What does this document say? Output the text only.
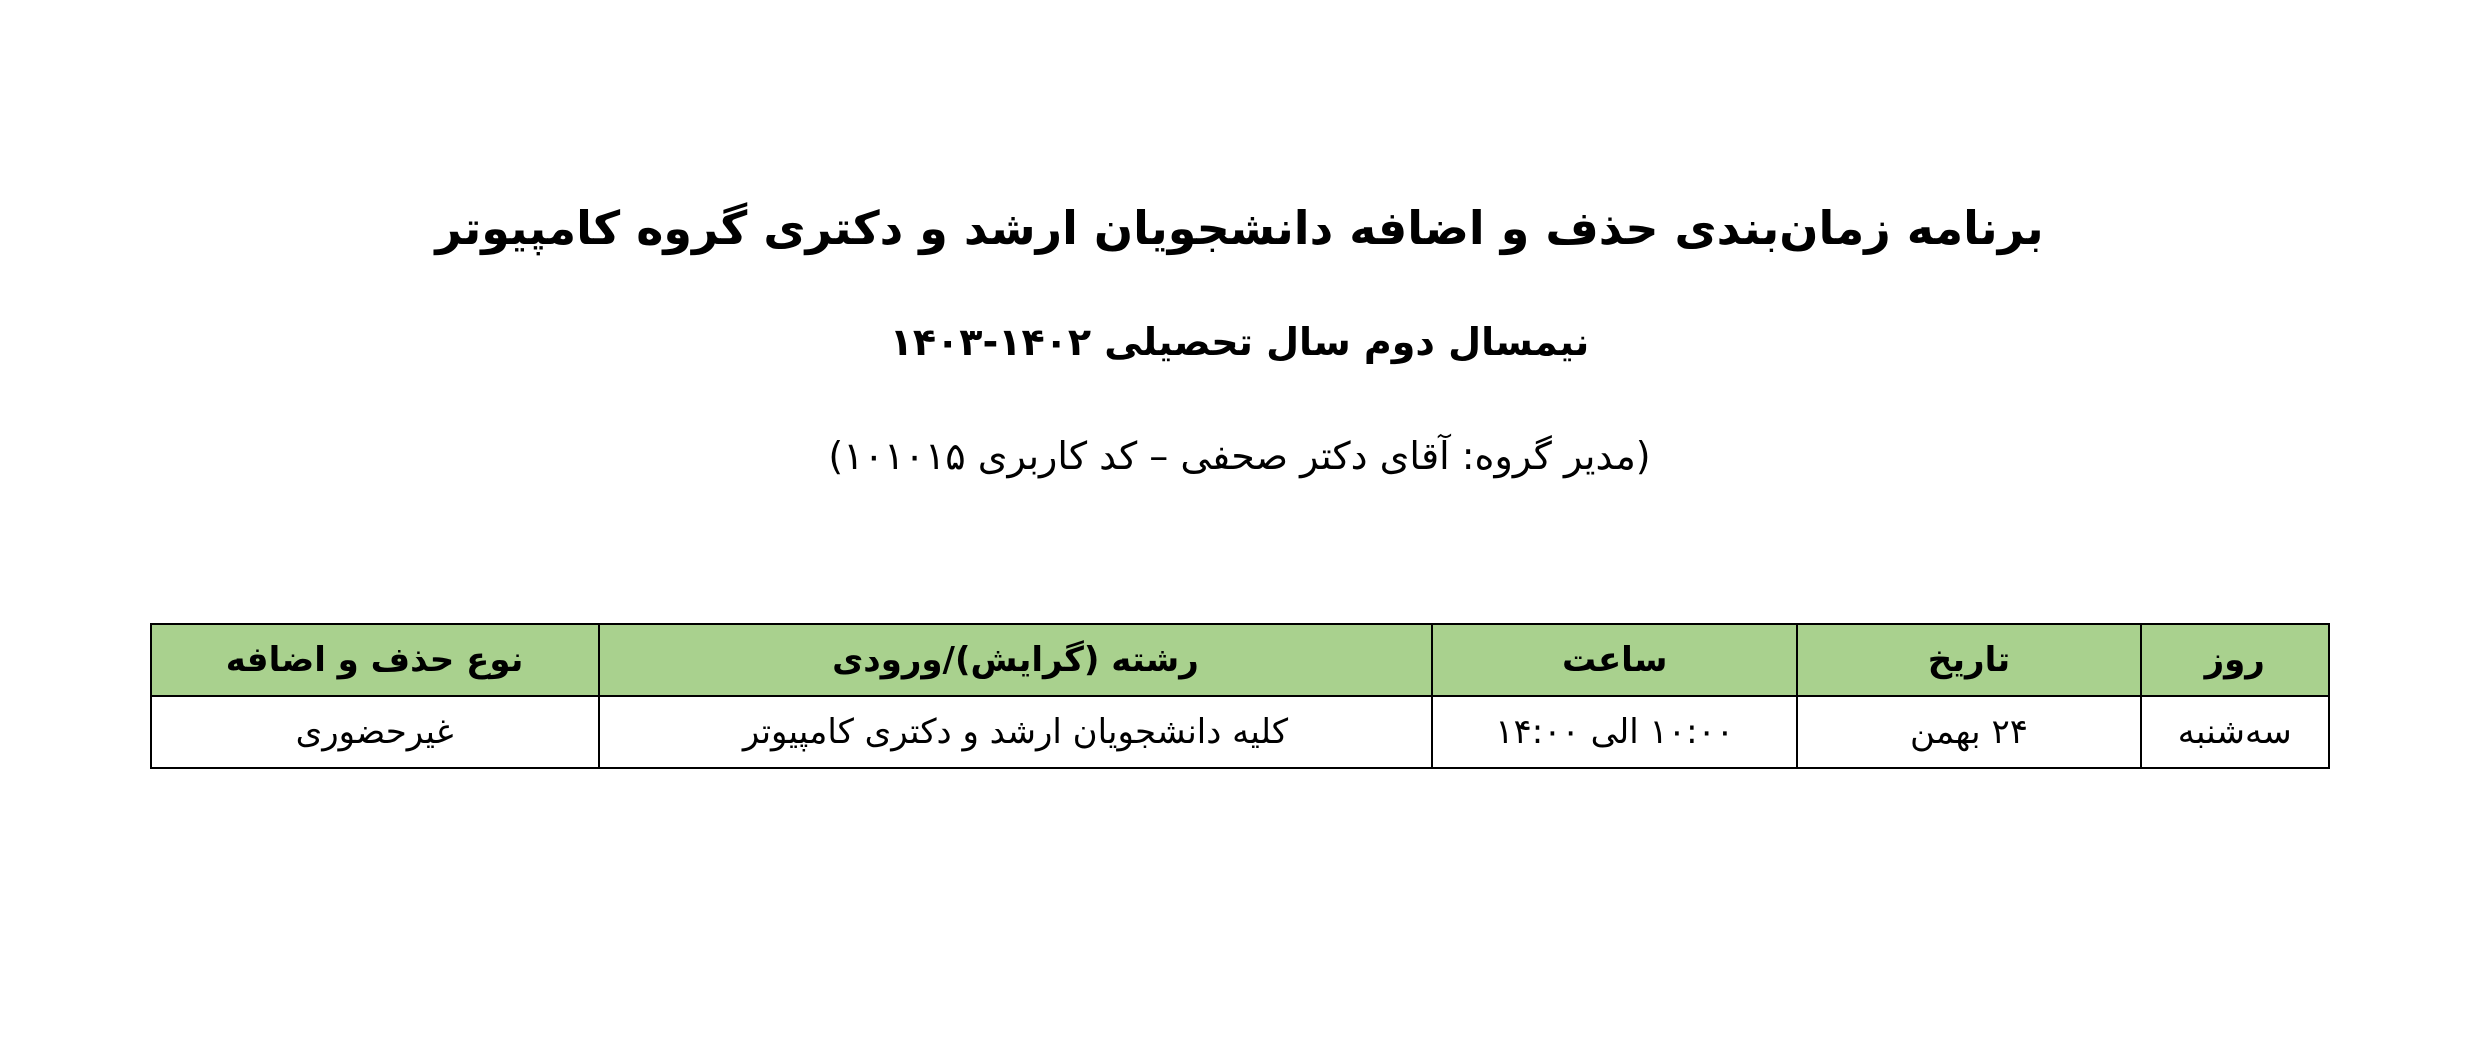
برنامه زمان‌بندی حذف و اضافه دانشجویان ارشد و دکتری گروه کامپیوتر
نیمسال دوم سال تحصیلی ۱۴۰۲-۱۴۰۳

(مدیر گروه: آقای دکتر صحفی – کد کاربری ۱۰۱۰۱۵)

روز	تاریخ	ساعت	رشته (گرایش)/ورودی	نوع حذف و اضافه
سه‌شنبه	۲۴ بهمن	۱۰:۰۰ الی ۱۴:۰۰	کلیه دانشجویان ارشد و دکتری کامپیوتر	غیرحضوری
